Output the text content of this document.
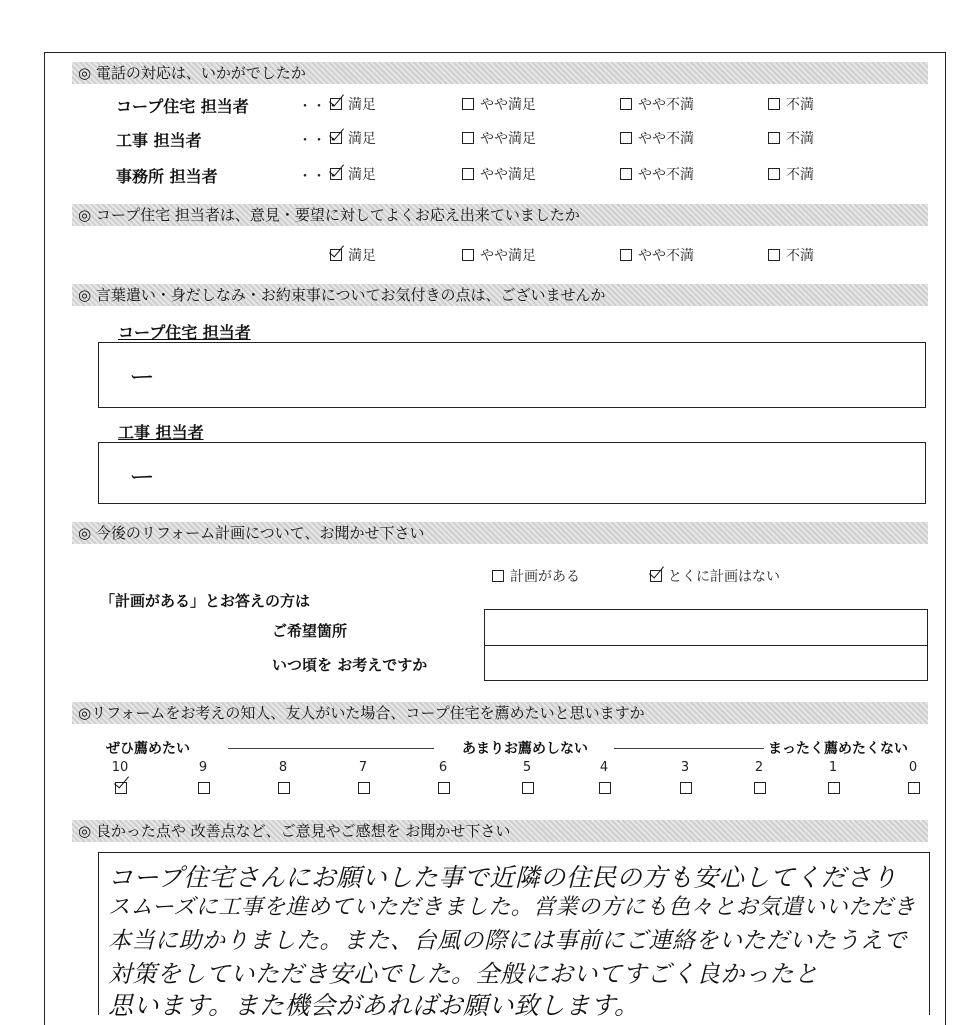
◎ 電話の対応は、いかがでしたか
コープ住宅 担当者	・・・ 満足	やや満足	やや不満	不満
工事 担当者	・・・ 満足	やや満足	やや不満	不満
事務所 担当者	・・・ 満足	やや満足	やや不満	不満
◎ コープ住宅 担当者は、意見・要望に対してよくお応え出来ていましたか
満足	やや満足	やや不満	不満
◎ 言葉遣い・身だしなみ・お約束事についてお気付きの点は、ございませんか
コープ住宅 担当者
ー
工事 担当者
ー
◎ 今後のリフォーム計画について、お聞かせ下さい
計画がある	とくに計画はない
「計画がある」とお答えの方は
ご希望箇所
いつ頃を お考えですか
◎リフォームをお考えの知人、友人がいた場合、コープ住宅を薦めたいと思いますか
ぜひ薦めたい	あまりお薦めしない	まったく薦めたくない
10	9	8	7	6	5	4	3	2	1	0
◎ 良かった点や 改善点など、ご意見やご感想を お聞かせ下さい
コープ住宅さんにお願いした事で近隣の住民の方も安心してくださり
スムーズに工事を進めていただきました。営業の方にも色々とお気遣いいただき
本当に助かりました。また、台風の際には事前にご連絡をいただいたうえで
対策をしていただき安心でした。全般においてすごく良かったと
思います。また機会があればお願い致します。
